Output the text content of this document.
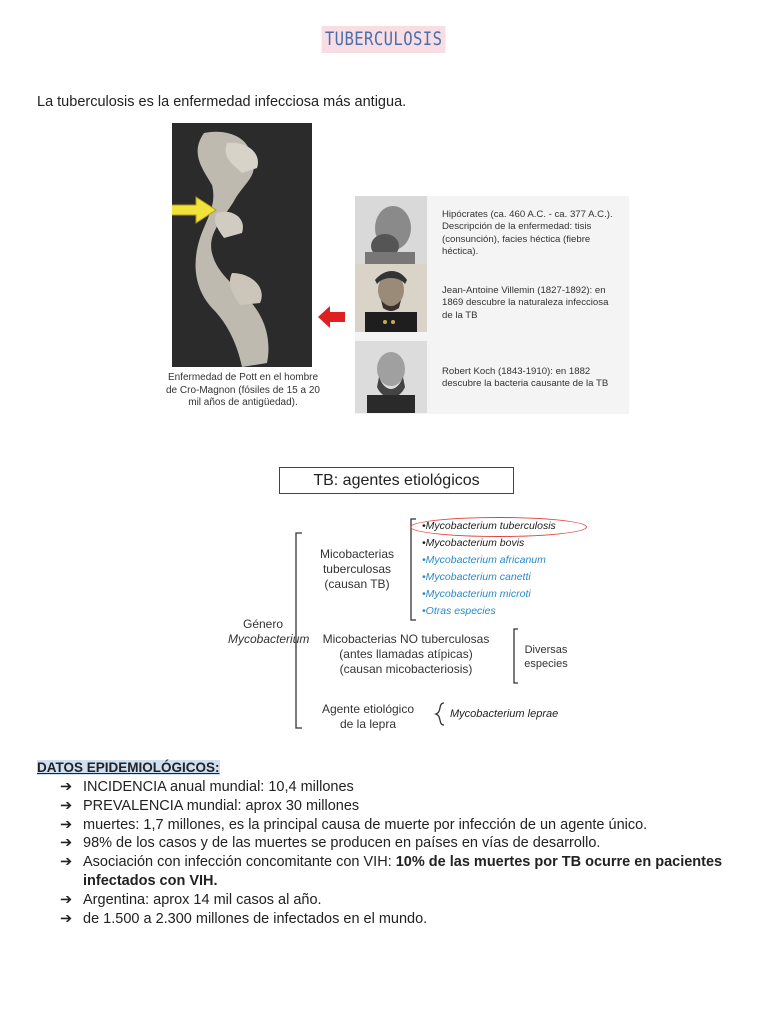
TUBERCULOSIS
La tuberculosis es la enfermedad infecciosa más antigua.
Enfermedad de Pott en el hombre
de Cro-Magnon (fósiles de 15 a 20
mil años de antigüedad).
Hipócrates (ca. 460 A.C. - ca. 377 A.C.).
Descripción de la enfermedad: tisis
(consunción), facies héctica (fiebre
héctica).
Jean-Antoine Villemin (1827-1892): en
1869 descubre la naturaleza infecciosa
de la TB
Robert Koch (1843-1910): en 1882
descubre la bacteria causante de la TB
TB: agentes etiológicos
Género
Mycobacterium
Micobacterias
tuberculosas
(causan TB)
•Mycobacterium tuberculosis
•Mycobacterium bovis
•Mycobacterium africanum
•Mycobacterium canetti
•Mycobacterium microti
•Otras especies
Micobacterias NO tuberculosas
(antes llamadas atípicas)
(causan micobacteriosis)
Diversas
especies
Agente etiológico
de la lepra
Mycobacterium leprae
DATOS EPIDEMIOLÓGICOS:
➔ INCIDENCIA anual mundial: 10,4 millones
➔ PREVALENCIA mundial: aprox 30 millones
➔ muertes: 1,7 millones, es la principal causa de muerte por infección de un agente único.
➔ 98% de los casos y de las muertes se producen en países en vías de desarrollo.
➔ Asociación con infección concomitante con VIH: 10% de las muertes por TB ocurre en pacientes infectados con VIH.
➔ Argentina: aprox 14 mil casos al año.
➔ de 1.500 a 2.300 millones de infectados en el mundo.
